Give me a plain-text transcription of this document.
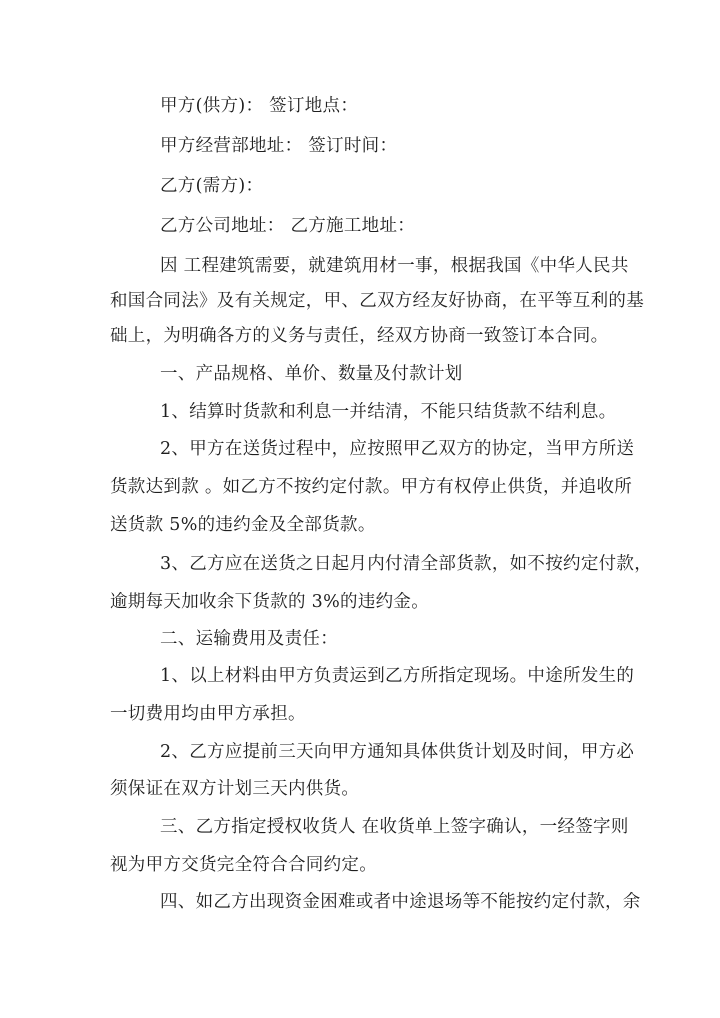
甲方(供方)： 签订地点：
甲方经营部地址： 签订时间：
乙方(需方)：
乙方公司地址： 乙方施工地址：
因 工程建筑需要，就建筑用材一事，根据我国《中华人民共
和国合同法》及有关规定，甲、乙双方经友好协商，在平等互利的基
础上，为明确各方的义务与责任，经双方协商一致签订本合同。
一、产品规格、单价、数量及付款计划
1、结算时货款和利息一并结清，不能只结货款不结利息。
2、甲方在送货过程中，应按照甲乙双方的协定，当甲方所送
货款达到款 。如乙方不按约定付款。甲方有权停止供货，并追收所
送货款 5%的违约金及全部货款。
3、乙方应在送货之日起月内付清全部货款，如不按约定付款，
逾期每天加收余下货款的 3%的违约金。
二、运输费用及责任：
1、以上材料由甲方负责运到乙方所指定现场。中途所发生的
一切费用均由甲方承担。
2、乙方应提前三天向甲方通知具体供货计划及时间，甲方必
须保证在双方计划三天内供货。
三、乙方指定授权收货人 在收货单上签字确认，一经签字则
视为甲方交货完全符合合同约定。
四、如乙方出现资金困难或者中途退场等不能按约定付款，余
